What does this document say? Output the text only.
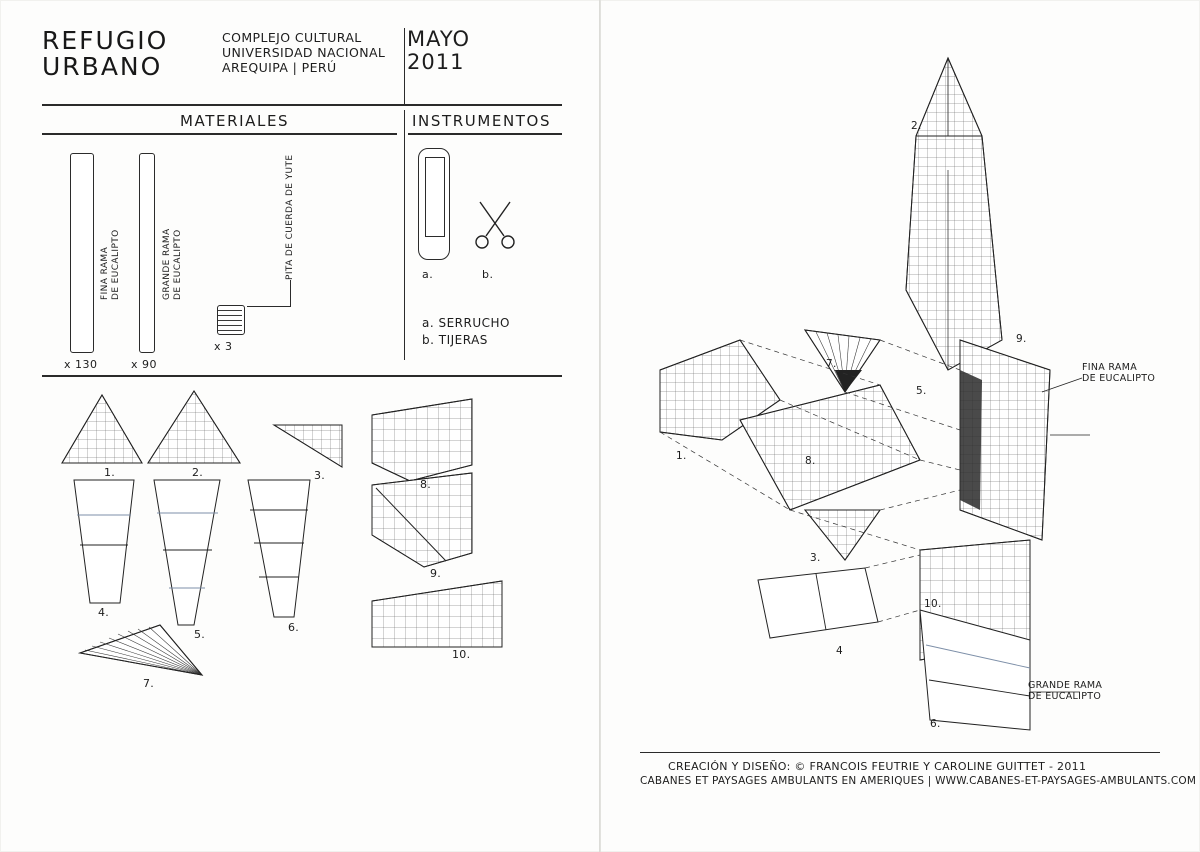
REFUGIO
URBANO
COMPLEJO CULTURAL
UNIVERSIDAD NACIONAL
AREQUIPA | PERÚ
MAYO
2011
MATERIALES	INSTRUMENTOS
FINA RAMA DE EUCALIPTO
x 130
GRANDE RAMA DE EUCALIPTO
x 90
PITA DE CUERDA DE YUTE
x 3
a.	b.
a. SERRUCHO
b. TIJERAS
1.	2.	3.
4.
5.
6.
7.
8.
9.
10.
2.
9.
7.
5.
1.	8.
3.
4
10.
6.
FINA RAMA
DE EUCALIPTO
GRANDE RAMA
DE EUCALIPTO
CREACIÓN Y DISEÑO: © FRANCOIS FEUTRIE Y CAROLINE GUITTET - 2011
CABANES ET PAYSAGES AMBULANTS EN AMERIQUES | WWW.CABANES-ET-PAYSAGES-AMBULANTS.COM
